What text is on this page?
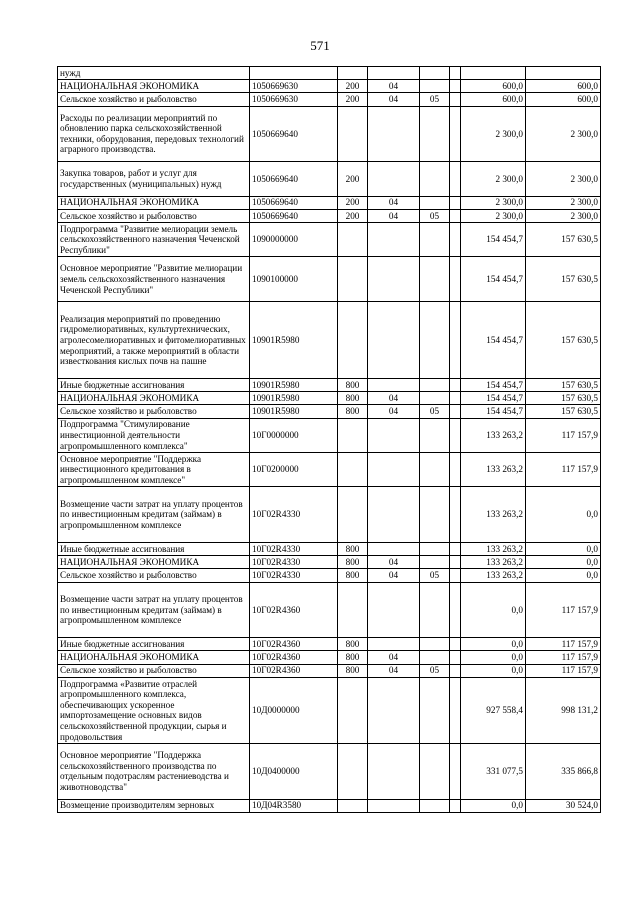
571
нужд							
НАЦИОНАЛЬНАЯ ЭКОНОМИКА	1050669630	200	04			600,0	600,0
Сельское хозяйство и рыболовство	1050669630	200	04	05		600,0	600,0
Расходы по реализации мероприятий по обновлению парка сельскохозяйственной техники, оборудования, передовых технологий аграрного производства.	1050669640					2 300,0	2 300,0
Закупка товаров, работ и услуг для государственных (муниципальных) нужд	1050669640	200				2 300,0	2 300,0
НАЦИОНАЛЬНАЯ ЭКОНОМИКА	1050669640	200	04			2 300,0	2 300,0
Сельское хозяйство и рыболовство	1050669640	200	04	05		2 300,0	2 300,0
Подпрограмма "Развитие мелиорации земель сельскохозяйственного назначения Чеченской Республики"	1090000000					154 454,7	157 630,5
Основное мероприятие "Развитие мелиорации земель сельскохозяйственного назначения Чеченской Республики"	1090100000					154 454,7	157 630,5
Реализация мероприятий по проведению гидромелиоративных, культуртехнических, агролесомелиоративных и фитомелиоративных мероприятий, а также мероприятий в области известкования кислых почв на пашне	10901R5980					154 454,7	157 630,5
Иные бюджетные ассигнования	10901R5980	800				154 454,7	157 630,5
НАЦИОНАЛЬНАЯ ЭКОНОМИКА	10901R5980	800	04			154 454,7	157 630,5
Сельское хозяйство и рыболовство	10901R5980	800	04	05		154 454,7	157 630,5
Подпрограмма "Стимулирование инвестиционной деятельности агропромышленного комплекса"	10Г0000000					133 263,2	117 157,9
Основное мероприятие "Поддержка инвестиционного кредитования в агропромышленном комплексе"	10Г0200000					133 263,2	117 157,9
Возмещение части затрат на уплату процентов по инвестиционным кредитам (займам) в агропромышленном комплексе	10Г02R4330					133 263,2	0,0
Иные бюджетные ассигнования	10Г02R4330	800				133 263,2	0,0
НАЦИОНАЛЬНАЯ ЭКОНОМИКА	10Г02R4330	800	04			133 263,2	0,0
Сельское хозяйство и рыболовство	10Г02R4330	800	04	05		133 263,2	0,0
Возмещение части затрат на уплату процентов по инвестиционным кредитам (займам) в агропромышленном комплексе	10Г02R4360					0,0	117 157,9
Иные бюджетные ассигнования	10Г02R4360	800				0,0	117 157,9
НАЦИОНАЛЬНАЯ ЭКОНОМИКА	10Г02R4360	800	04			0,0	117 157,9
Сельское хозяйство и рыболовство	10Г02R4360	800	04	05		0,0	117 157,9
Подпрограмма «Развитие отраслей агропромышленного комплекса, обеспечивающих ускоренное импортозамещение основных видов сельскохозяйственной продукции, сырья и продовольствия	10Д0000000					927 558,4	998 131,2
Основное мероприятие "Поддержка сельскохозяйственного производства по отдельным подотраслям растениеводства и животноводства"	10Д0400000					331 077,5	335 866,8
Возмещение производителям зерновых	10Д04R3580					0,0	30 524,0
